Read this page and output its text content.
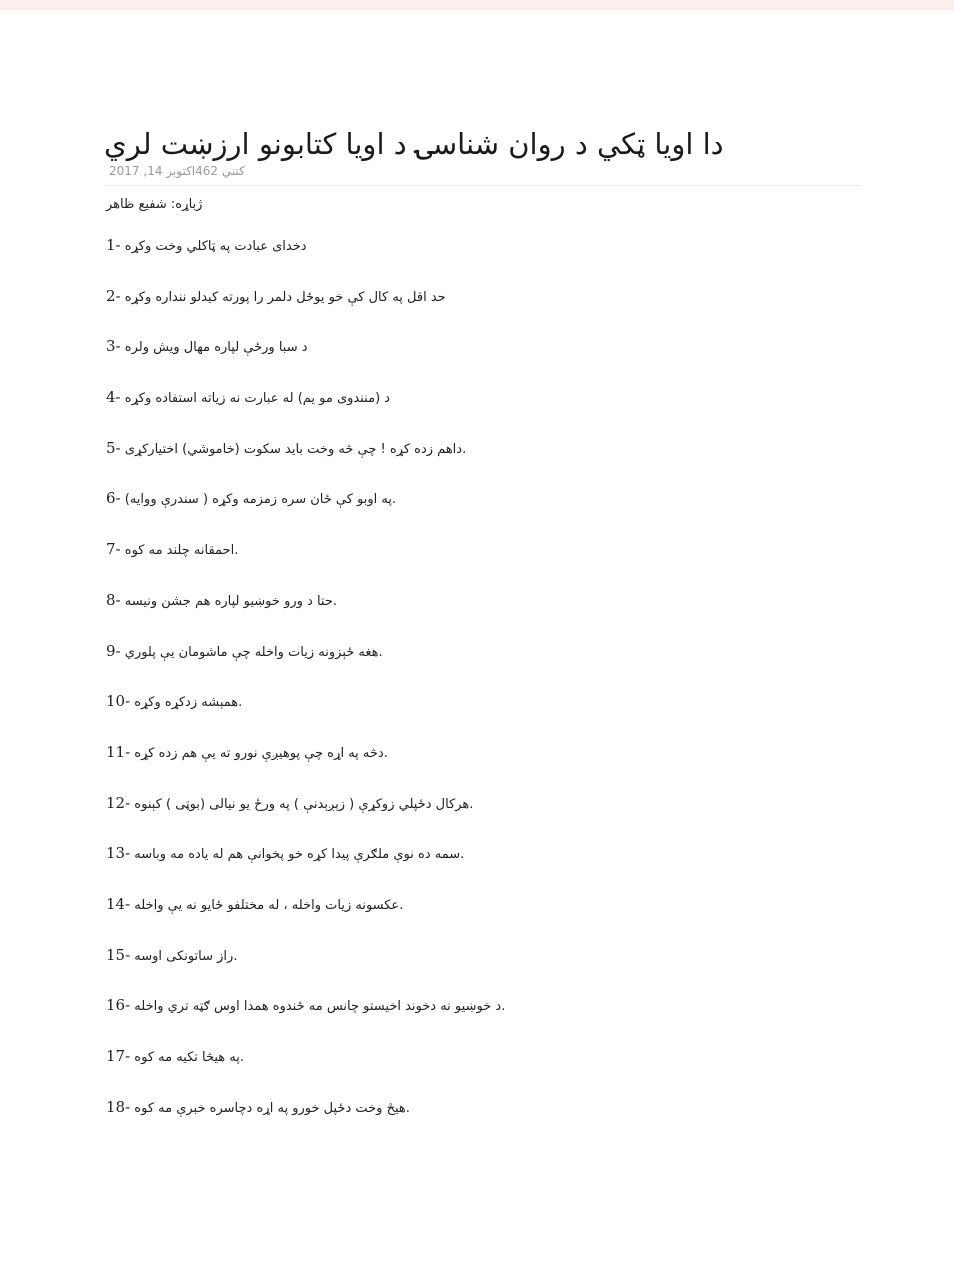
دا اويا ټکي د روان شناسۍ د اويا کتابونو ارزښت لري
كتني 462اکتوبر 14, 2017
ژباړه: شفيع ظاهر
1- دخدای عبادت په ټاکلي وخت وکړه
2- حد اقل په کال کې خو يوځل دلمر را پورته کيدلو ننداره وکړه
3- د سبا ورځې لپاره مهال ويش ولره
4- د (منندوی مو يم) له عبارت نه زياته استفاده وکړه
5- داهم زده کړه ! چې څه وخت بايد سکوت (خاموشي) اختيارکړی.
6- په اوبو کې ځان سره زمزمه وکړه ( سندرې ووايه).
7- احمقانه چلند مه کوه.
8- حتا د ورو خوښيو لپاره هم جشن ونيسه.
9- هغه ځېزونه زيات واخله چې ماشومان يې پلوري.
10- همېشه زدکړه وکړه.
11- دڅه په اړه چې پوهيږې نورو ته يې هم زده کړه.
12- هرکال دځپلي زوکړې ( زېږېدنې ) په ورځ يو نيالی (بوټی ) کېنوه.
13- سمه ده نوې ملګرې پيدا کړه خو پخوانې هم له ياده مه وباسه.
14- عکسونه زيات واخله ، له مختلفو ځايو نه يې واخله.
15- راز ساتونکی اوسه.
16- د خوښيو نه دخوند اخيستو چانس مه ځندوه همدا اوس ګټه تري واخله.
17- په هيڅا تکيه مه کوه.
18- هيڅ وخت دځپل خورو په اړه دچاسره خبرې مه کوه.
